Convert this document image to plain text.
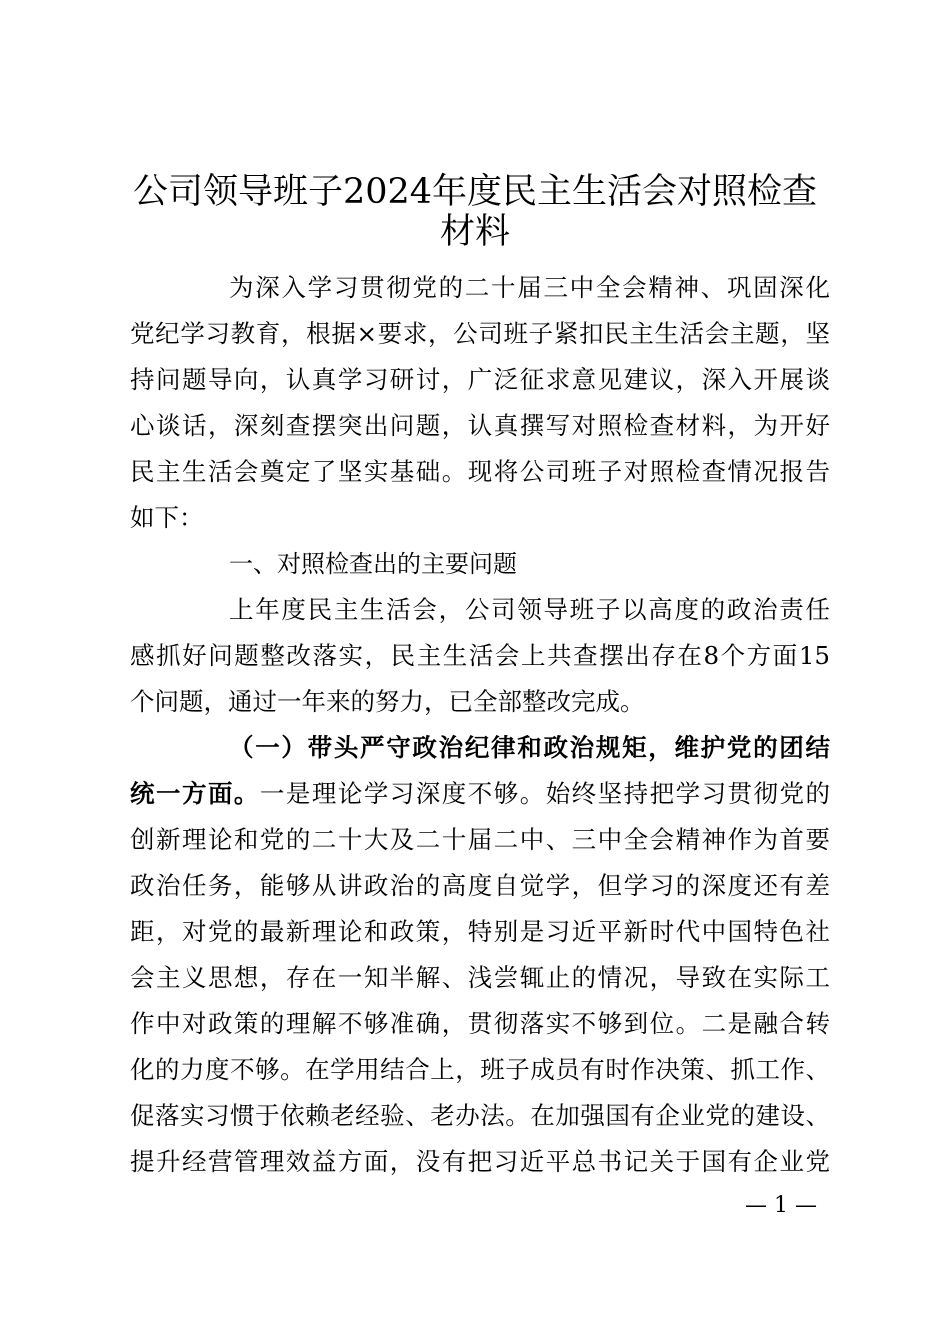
公司领导班子2024年度民主生活会对照检查
材料
为深入学习贯彻党的二十届三中全会精神、巩固深化
党纪学习教育，根据×要求，公司班子紧扣民主生活会主题，坚
持问题导向，认真学习研讨，广泛征求意见建议，深入开展谈
心谈话，深刻查摆突出问题，认真撰写对照检查材料，为开好
民主生活会奠定了坚实基础。现将公司班子对照检查情况报告
如下：
一、对照检查出的主要问题
上年度民主生活会，公司领导班子以高度的政治责任
感抓好问题整改落实，民主生活会上共查摆出存在8个方面15
个问题，通过一年来的努力，已全部整改完成。
（一）带头严守政治纪律和政治规矩，维护党的团结
统一方面。一是理论学习深度不够。始终坚持把学习贯彻党的
创新理论和党的二十大及二十届二中、三中全会精神作为首要
政治任务，能够从讲政治的高度自觉学，但学习的深度还有差
距，对党的最新理论和政策，特别是习近平新时代中国特色社
会主义思想，存在一知半解、浅尝辄止的情况，导致在实际工
作中对政策的理解不够准确，贯彻落实不够到位。二是融合转
化的力度不够。在学用结合上，班子成员有时作决策、抓工作、
促落实习惯于依赖老经验、老办法。在加强国有企业党的建设、
提升经营管理效益方面，没有把习近平总书记关于国有企业党
— 1 —
